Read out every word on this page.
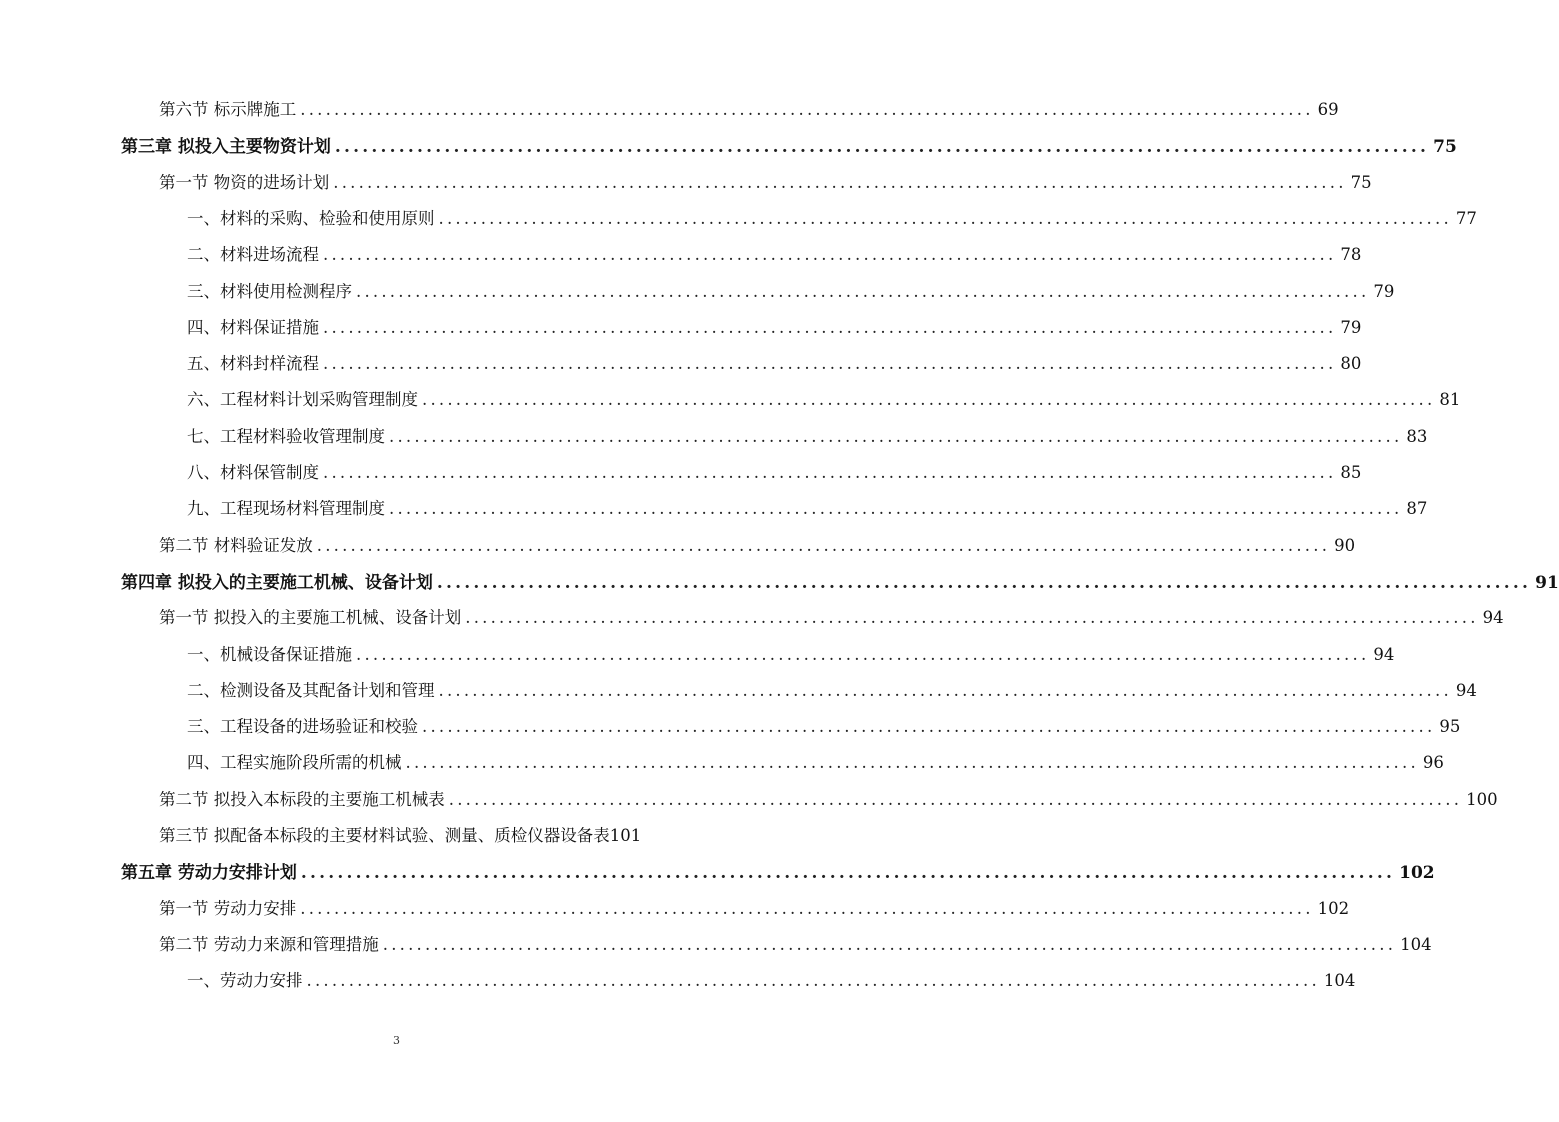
第六节 标示牌施工 ........................................................................................................................ 69
第三章 拟投入主要物资计划 ........................................................................................................................ 75
第一节 物资的进场计划 ........................................................................................................................ 75
一、材料的采购、检验和使用原则 ........................................................................................................................ 77
二、材料进场流程 ........................................................................................................................ 78
三、材料使用检测程序 ........................................................................................................................ 79
四、材料保证措施 ........................................................................................................................ 79
五、材料封样流程 ........................................................................................................................ 80
六、工程材料计划采购管理制度 ........................................................................................................................ 81
七、工程材料验收管理制度 ........................................................................................................................ 83
八、材料保管制度 ........................................................................................................................ 85
九、工程现场材料管理制度 ........................................................................................................................ 87
第二节 材料验证发放 ........................................................................................................................ 90
第四章 拟投入的主要施工机械、设备计划 ........................................................................................................................ 91
第一节 拟投入的主要施工机械、设备计划 ........................................................................................................................ 94
一、机械设备保证措施 ........................................................................................................................ 94
二、检测设备及其配备计划和管理 ........................................................................................................................ 94
三、工程设备的进场验证和校验 ........................................................................................................................ 95
四、工程实施阶段所需的机械 ........................................................................................................................ 96
第二节 拟投入本标段的主要施工机械表 ........................................................................................................................ 100
第三节 拟配备本标段的主要材料试验、测量、质检仪器设备表 101
第五章 劳动力安排计划 ........................................................................................................................ 102
第一节 劳动力安排 ........................................................................................................................ 102
第二节 劳动力来源和管理措施 ........................................................................................................................ 104
一、劳动力安排 ........................................................................................................................ 104
3
